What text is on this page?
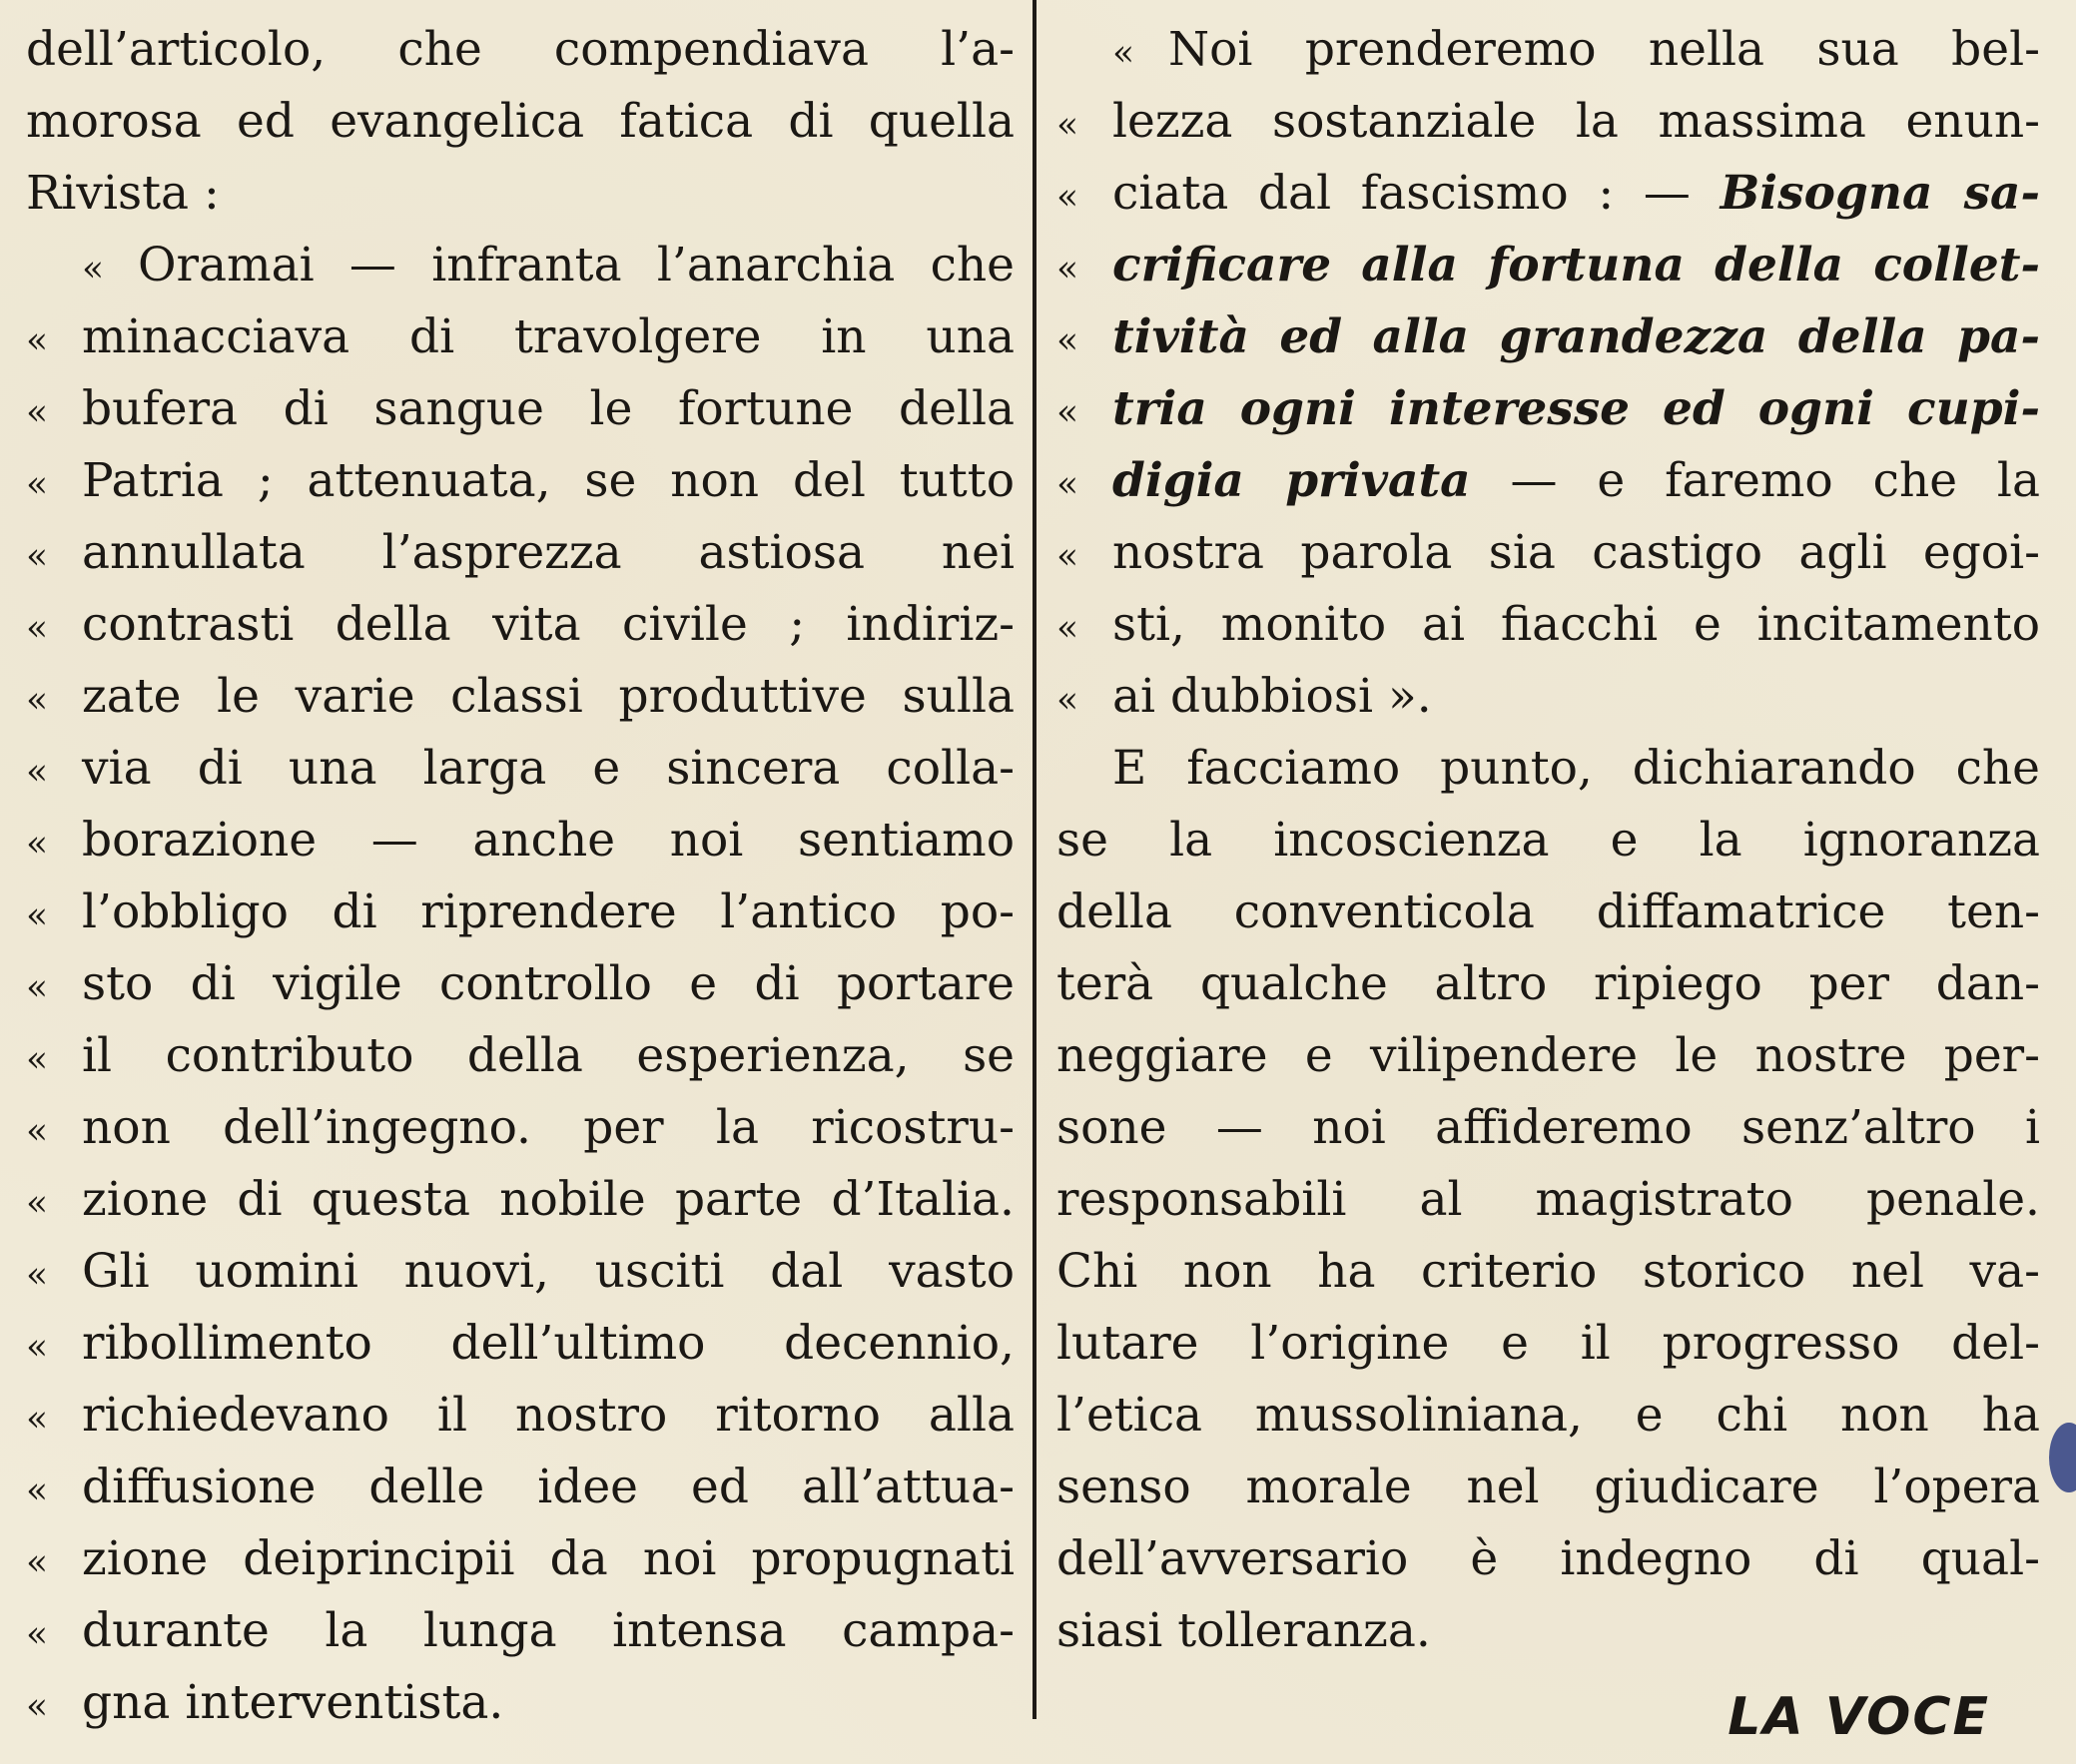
dell’articolo, che compendiava l’a-
morosa ed evangelica fatica di quella
Rivista :
« Oramai — infranta l’anarchia che
« minacciava di travolgere in una
« bufera di sangue le fortune della
« Patria ; attenuata, se non del tutto
« annullata l’asprezza astiosa nei
« contrasti della vita civile ; indiriz-
« zate le varie classi produttive sulla
« via di una larga e sincera colla-
« borazione — anche noi sentiamo
« l’obbligo di riprendere l’antico po-
« sto di vigile controllo e di portare
« il contributo della esperienza, se
« non dell’ingegno. per la ricostru-
« zione di questa nobile parte d’Italia.
« Gli uomini nuovi, usciti dal vasto
« ribollimento dell’ultimo decennio,
« richiedevano il nostro ritorno alla
« diffusione delle idee ed all’attua-
« zione deiprincipii da noi propugnati
« durante la lunga intensa campa-
« gna interventista.
« Noi prenderemo nella sua bel-
« lezza sostanziale la massima enun-
« ciata dal fascismo : — Bisogna sa-
« crificare alla fortuna della collet-
« tività ed alla grandezza della pa-
« tria ogni interesse ed ogni cupi-
« digia privata — e faremo che la
« nostra parola sia castigo agli egoi-
« sti, monito ai fiacchi e incitamento
« ai dubbiosi ».
E facciamo punto, dichiarando che
se la incoscienza e la ignoranza
della conventicola diffamatrice ten-
terà qualche altro ripiego per dan-
neggiare e vilipendere le nostre per-
sone — noi affideremo senz’altro i
responsabili al magistrato penale.
Chi non ha criterio storico nel va-
lutare l’origine e il progresso del-
l’etica mussoliniana, e chi non ha
senso morale nel giudicare l’opera
dell’avversario è indegno di qual-
siasi tolleranza.
LA VOCE
